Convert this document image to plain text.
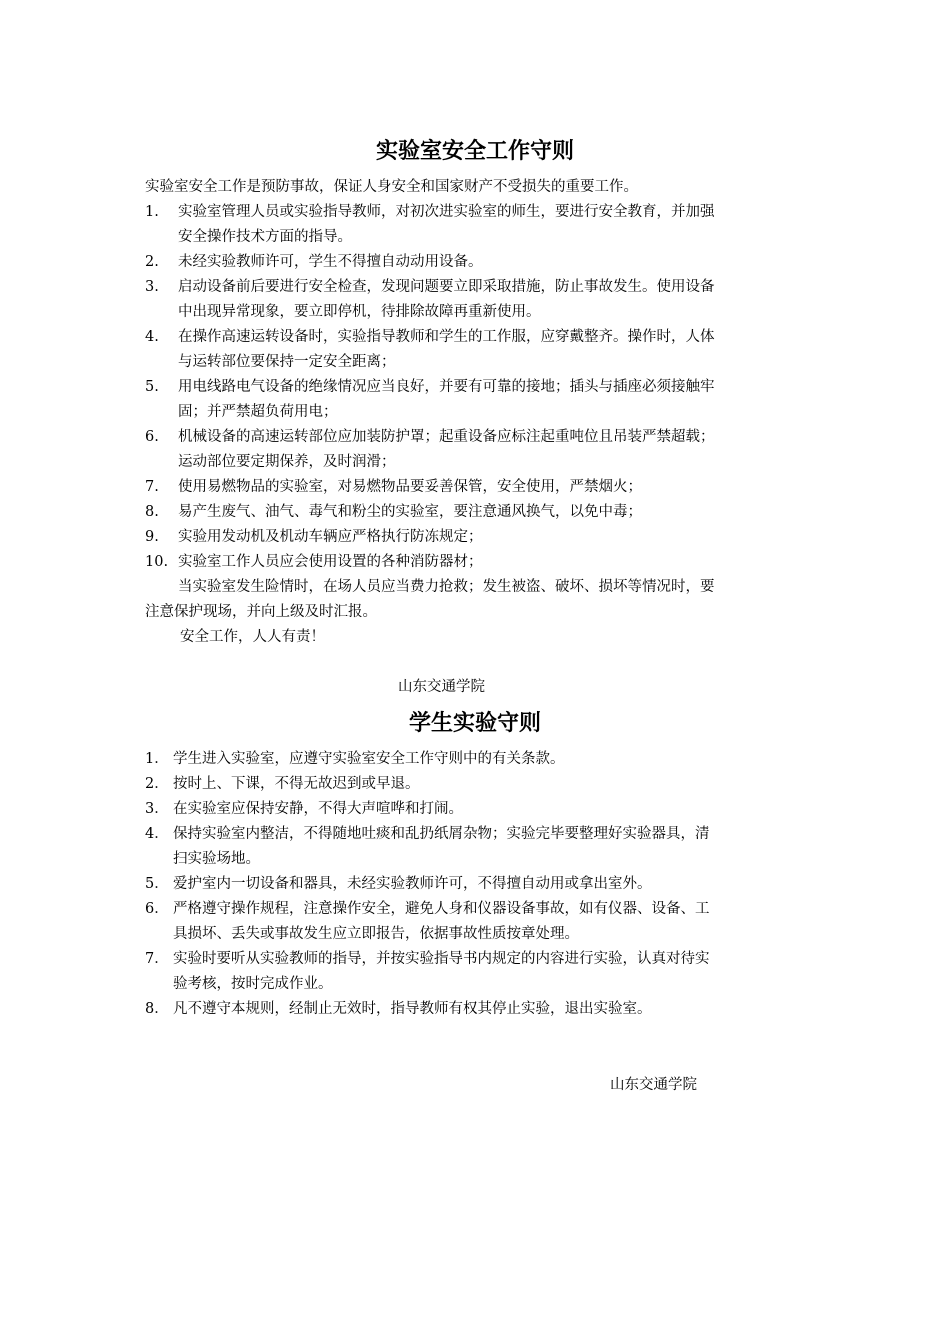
实验室安全工作守则
实验室安全工作是预防事故，保证人身安全和国家财产不受损失的重要工作。
1. 实验室管理人员或实验指导教师，对初次进实验室的师生，要进行安全教育，并加强
安全操作技术方面的指导。
2. 未经实验教师许可，学生不得擅自动动用设备。
3. 启动设备前后要进行安全检查，发现问题要立即采取措施，防止事故发生。使用设备
中出现异常现象，要立即停机，待排除故障再重新使用。
4. 在操作高速运转设备时，实验指导教师和学生的工作服，应穿戴整齐。操作时，人体
与运转部位要保持一定安全距离；
5. 用电线路电气设备的绝缘情况应当良好，并要有可靠的接地；插头与插座必须接触牢
固；并严禁超负荷用电；
6. 机械设备的高速运转部位应加装防护罩；起重设备应标注起重吨位且吊装严禁超载；
运动部位要定期保养，及时润滑；
7. 使用易燃物品的实验室，对易燃物品要妥善保管，安全使用，严禁烟火；
8. 易产生废气、油气、毒气和粉尘的实验室，要注意通风换气，以免中毒；
9. 实验用发动机及机动车辆应严格执行防冻规定；
10. 实验室工作人员应会使用设置的各种消防器材；
当实验室发生险情时，在场人员应当费力抢救；发生被盗、破坏、损坏等情况时，要
注意保护现场，并向上级及时汇报。
安全工作，人人有责！
山东交通学院
学生实验守则
1． 学生进入实验室，应遵守实验室安全工作守则中的有关条款。
2． 按时上、下课，不得无故迟到或早退。
3． 在实验室应保持安静，不得大声喧哗和打闹。
4． 保持实验室内整洁，不得随地吐痰和乱扔纸屑杂物；实验完毕要整理好实验器具，清
扫实验场地。
5． 爱护室内一切设备和器具，未经实验教师许可，不得擅自动用或拿出室外。
6． 严格遵守操作规程，注意操作安全，避免人身和仪器设备事故，如有仪器、设备、工
具损坏、丢失或事故发生应立即报告，依据事故性质按章处理。
7． 实验时要听从实验教师的指导，并按实验指导书内规定的内容进行实验，认真对待实
验考核，按时完成作业。
8． 凡不遵守本规则，经制止无效时，指导教师有权其停止实验，退出实验室。
山东交通学院
